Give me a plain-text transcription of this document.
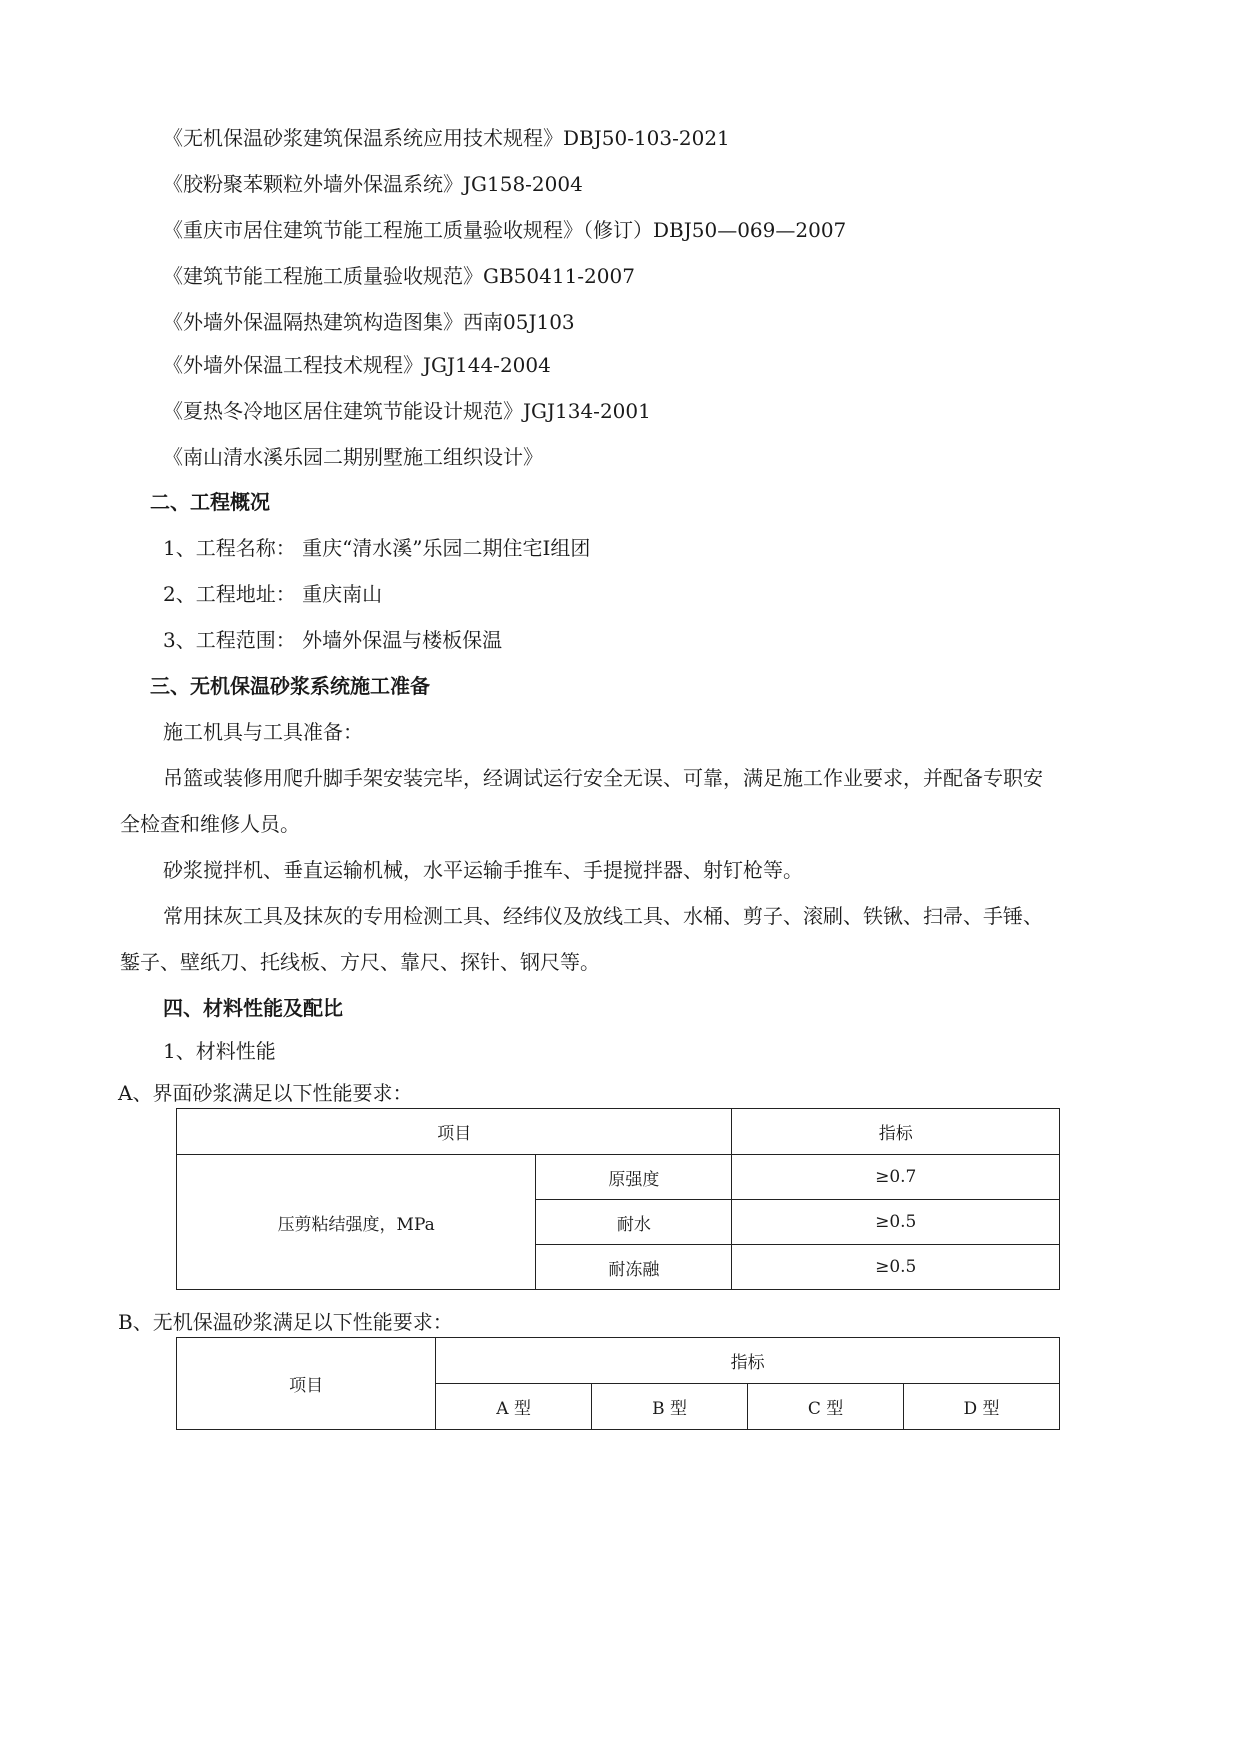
《无机保温砂浆建筑保温系统应用技术规程》DBJ50-103-2021
《胶粉聚苯颗粒外墙外保温系统》JG158-2004
《重庆市居住建筑节能工程施工质量验收规程》（修订）DBJ50—069—2007
《建筑节能工程施工质量验收规范》GB50411-2007
《外墙外保温隔热建筑构造图集》西南05J103
《外墙外保温工程技术规程》JGJ144-2004
《夏热冬冷地区居住建筑节能设计规范》JGJ134-2001
《南山清水溪乐园二期别墅施工组织设计》
二、工程概况
1、工程名称： 重庆“清水溪”乐园二期住宅Ⅰ组团
2、工程地址： 重庆南山
3、工程范围： 外墙外保温与楼板保温
三、无机保温砂浆系统施工准备
施工机具与工具准备：
吊篮或装修用爬升脚手架安装完毕，经调试运行安全无误、可靠，满足施工作业要求，并配备专职安
全检查和维修人员。
砂浆搅拌机、垂直运输机械，水平运输手推车、手提搅拌器、射钉枪等。
常用抹灰工具及抹灰的专用检测工具、经纬仪及放线工具、水桶、剪子、滚刷、铁锹、扫帚、手锤、
錾子、壁纸刀、托线板、方尺、靠尺、探针、钢尺等。
四、材料性能及配比
1、材料性能
A、界面砂浆满足以下性能要求：
项目		指标
压剪粘结强度，MPa	原强度	≥0.7
	耐水	≥0.5
	耐冻融	≥0.5
B、无机保温砂浆满足以下性能要求：
项目	指标			
	A 型	B 型	C 型	D 型
